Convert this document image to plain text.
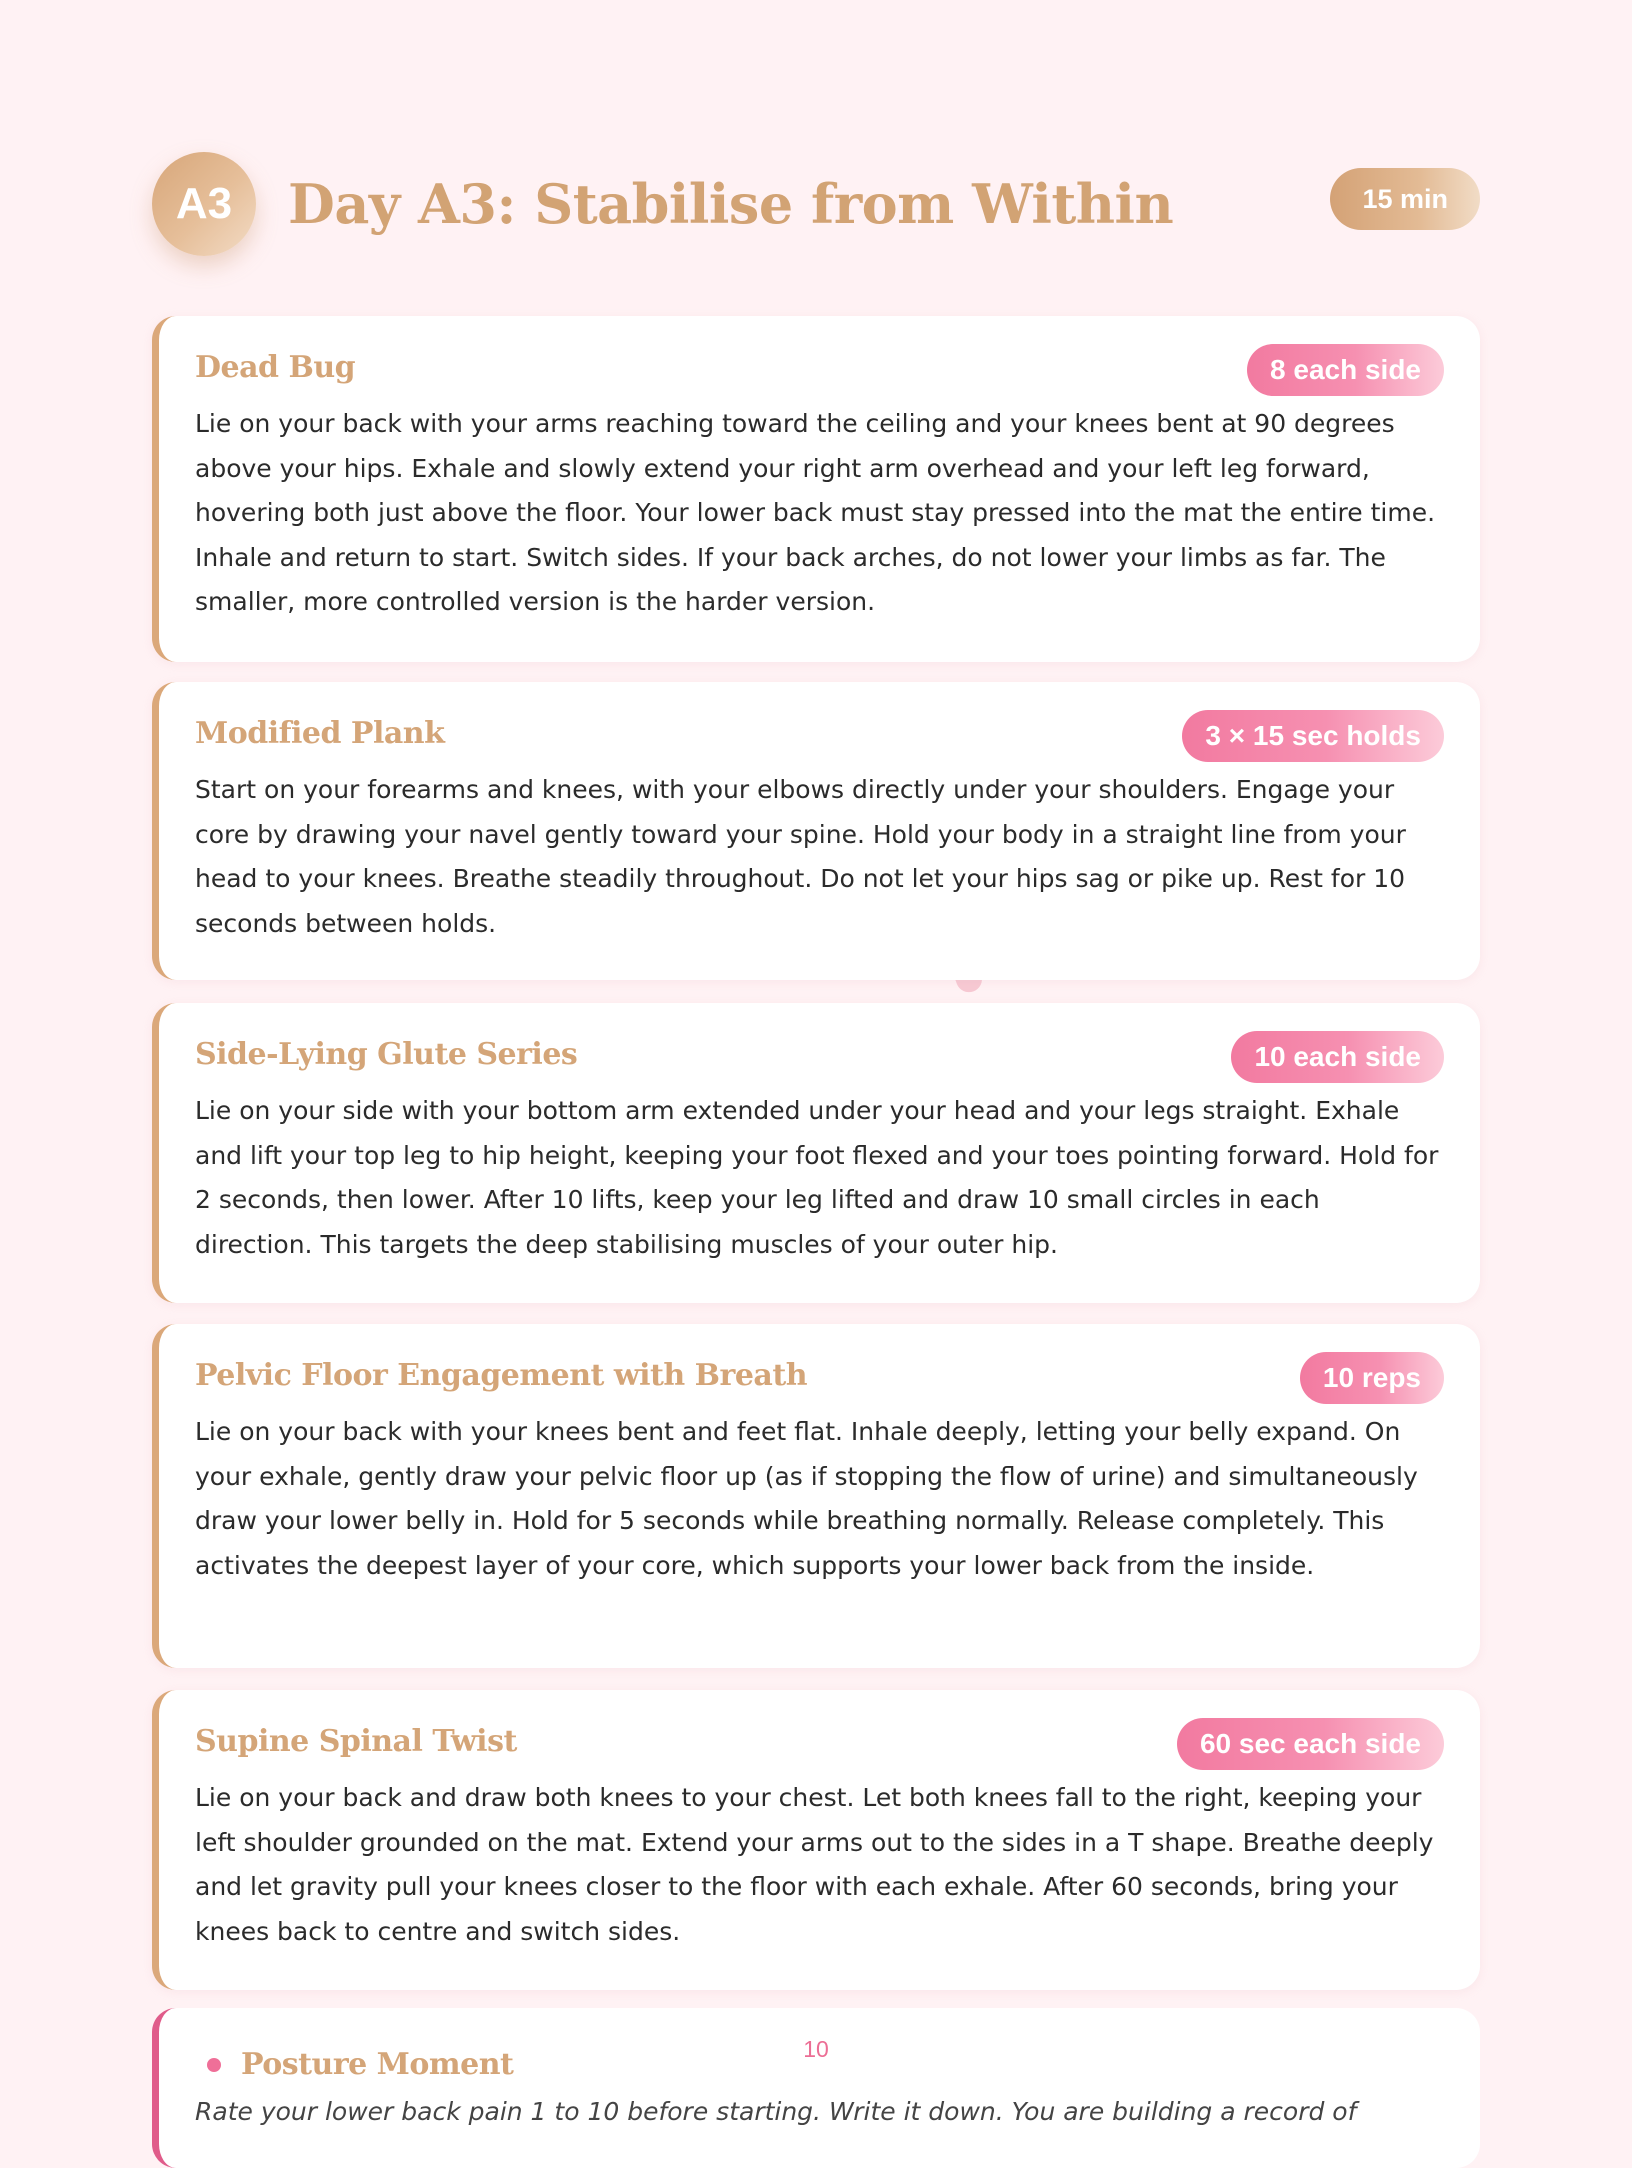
A3	Day A3: Stabilise from Within	15 min
Dead Bug	8 each side

Lie on your back with your arms reaching toward the ceiling and your knees bent at 90 degrees above your hips. Exhale and slowly extend your right arm overhead and your left leg forward, hovering both just above the floor. Your lower back must stay pressed into the mat the entire time. Inhale and return to start. Switch sides. If your back arches, do not lower your limbs as far. The smaller, more controlled version is the harder version.

Modified Plank	3 × 15 sec holds

Start on your forearms and knees, with your elbows directly under your shoulders. Engage your core by drawing your navel gently toward your spine. Hold your body in a straight line from your head to your knees. Breathe steadily throughout. Do not let your hips sag or pike up. Rest for 10 seconds between holds.

Side-Lying Glute Series	10 each side

Lie on your side with your bottom arm extended under your head and your legs straight. Exhale and lift your top leg to hip height, keeping your foot flexed and your toes pointing forward. Hold for 2 seconds, then lower. After 10 lifts, keep your leg lifted and draw 10 small circles in each direction. This targets the deep stabilising muscles of your outer hip.

Pelvic Floor Engagement with Breath	10 reps

Lie on your back with your knees bent and feet flat. Inhale deeply, letting your belly expand. On your exhale, gently draw your pelvic floor up (as if stopping the flow of urine) and simultaneously draw your lower belly in. Hold for 5 seconds while breathing normally. Release completely. This activates the deepest layer of your core, which supports your lower back from the inside.

Supine Spinal Twist	60 sec each side

Lie on your back and draw both knees to your chest. Let both knees fall to the right, keeping your left shoulder grounded on the mat. Extend your arms out to the sides in a T shape. Breathe deeply and let gravity pull your knees closer to the floor with each exhale. After 60 seconds, bring your knees back to centre and switch sides.

Posture Moment

Rate your lower back pain 1 to 10 before starting. Write it down. You are building a record of

10
